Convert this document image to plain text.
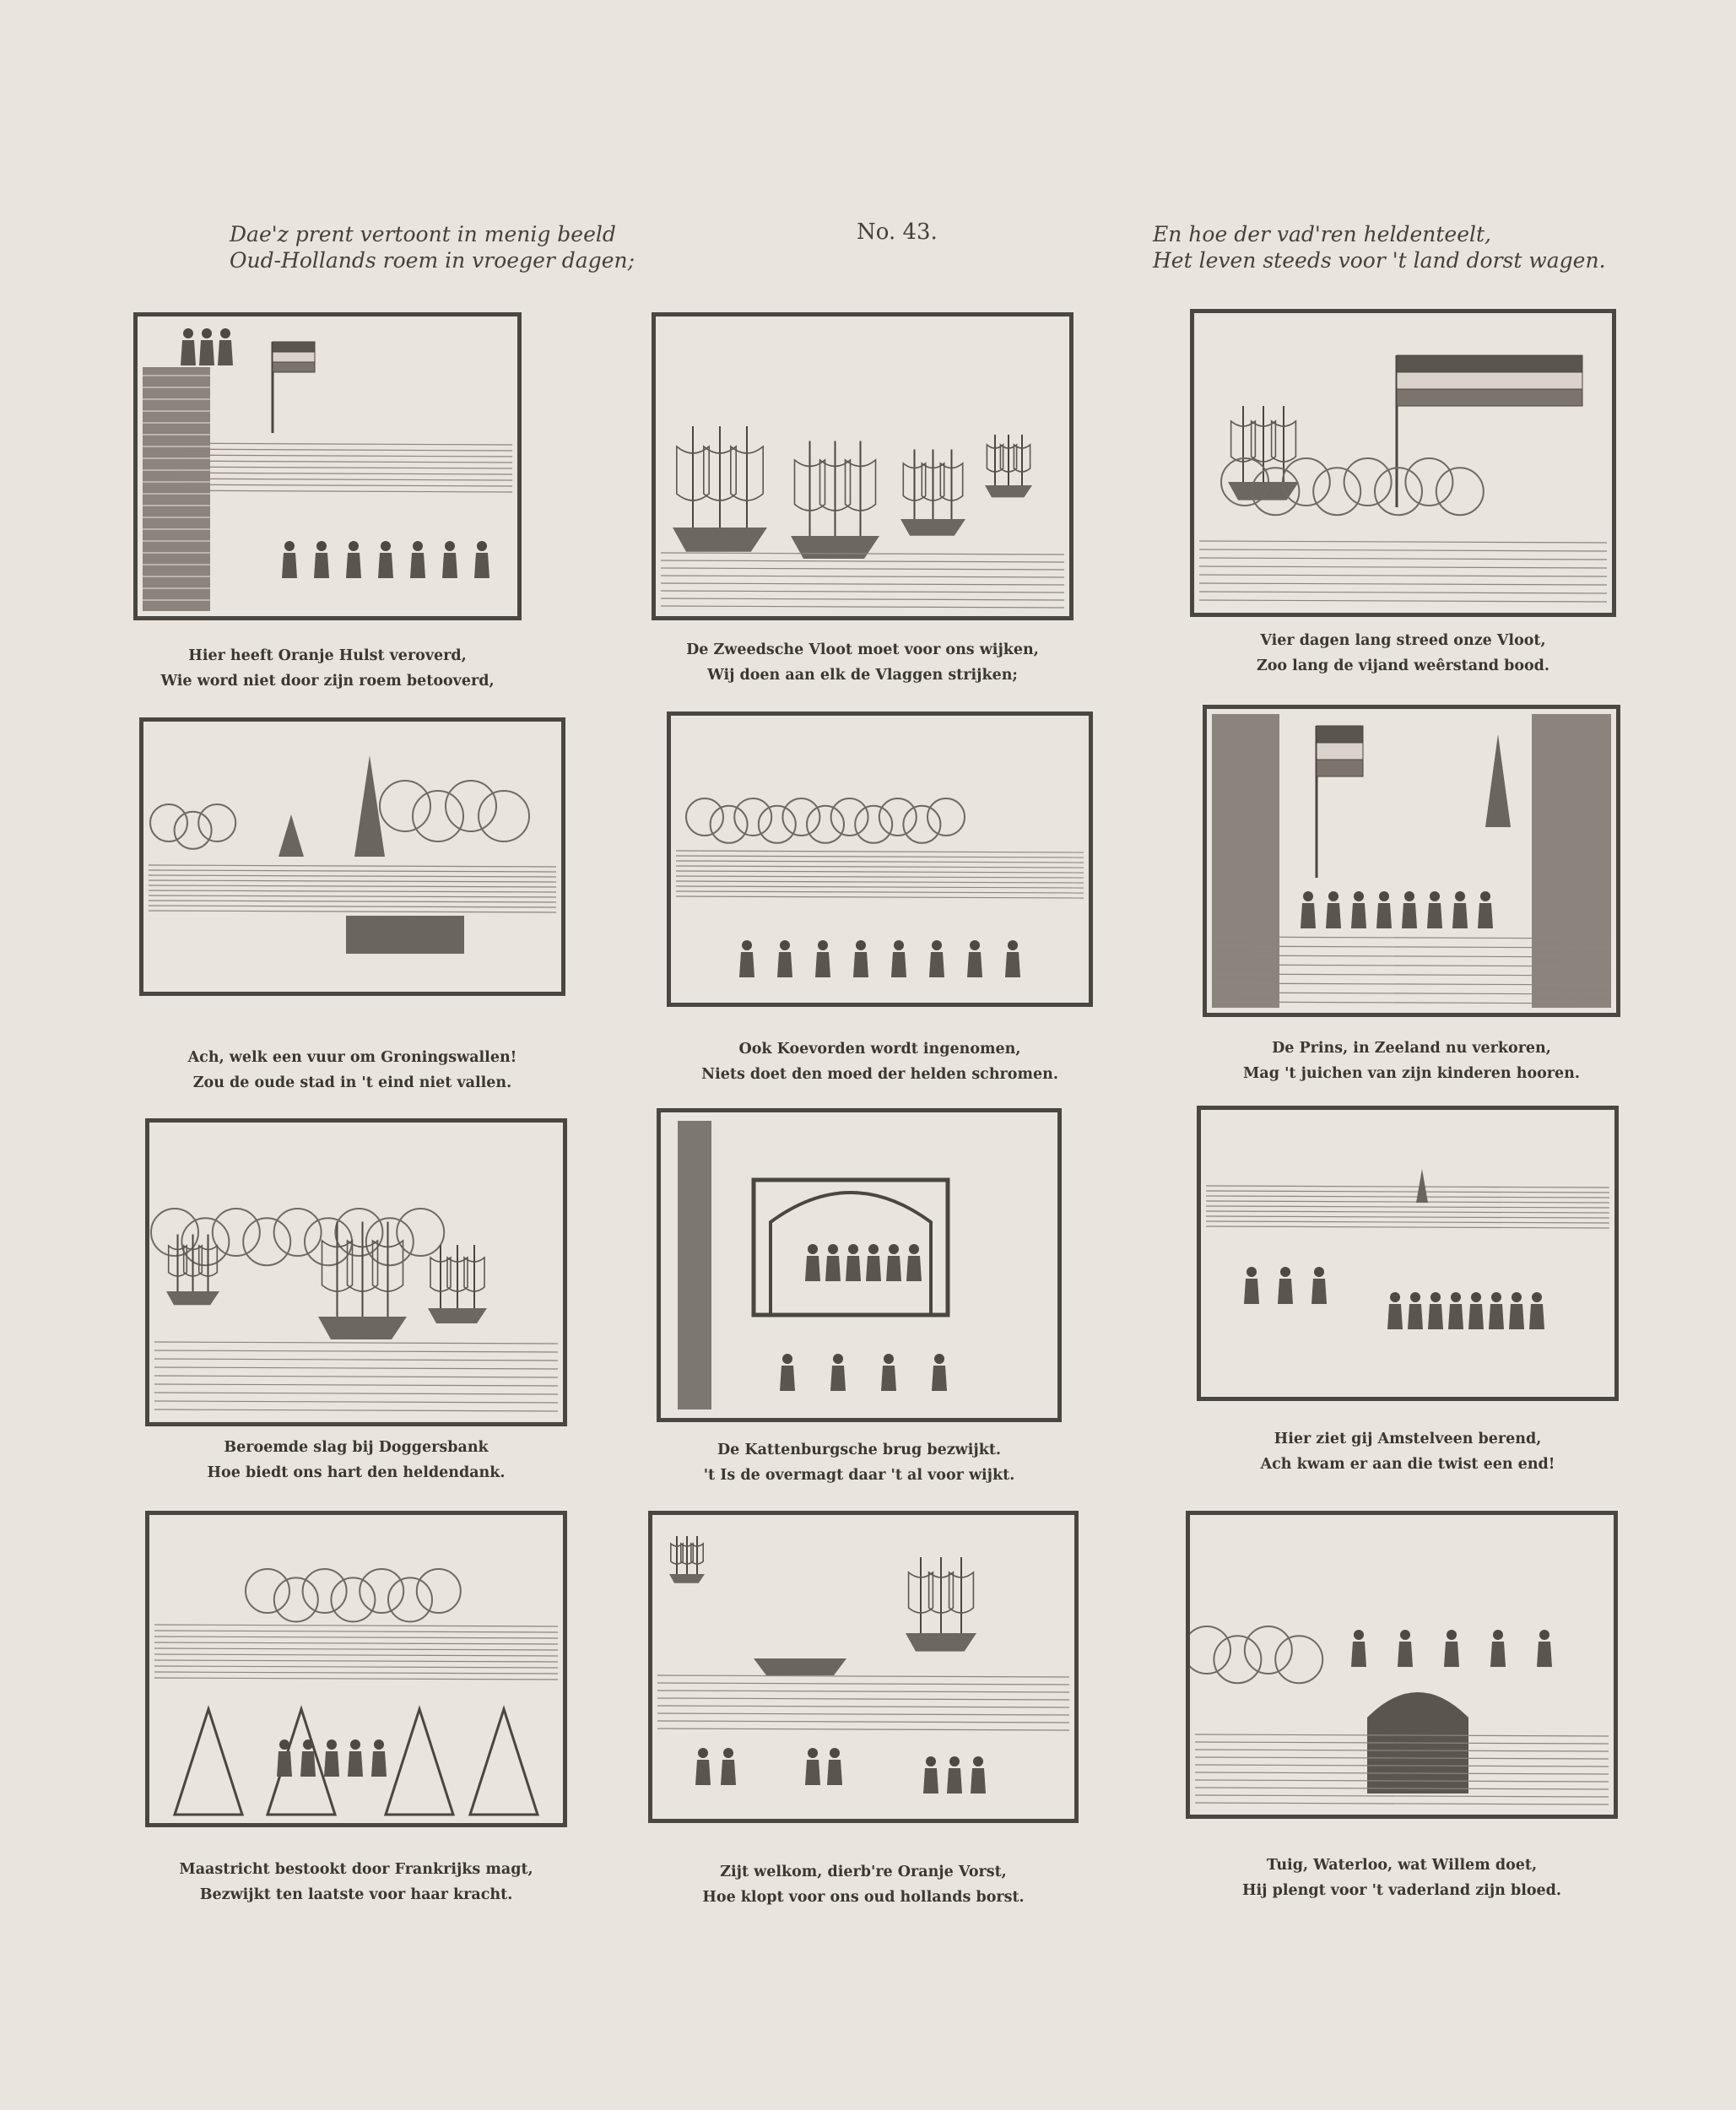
Dae'z prent vertoont in menig beeld
Oud-Hollands roem in vroeger dagen;
No. 43.	En hoe der vad'ren heldenteelt,
Het leven steeds voor 't land dorst wagen.
Hier heeft Oranje Hulst veroverd,
Wie word niet door zijn roem betooverd,
De Zweedsche Vloot moet voor ons wijken,
Wij doen aan elk de Vlaggen strijken;
Vier dagen lang streed onze Vloot,
Zoo lang de vijand weêrstand bood.
Ach, welk een vuur om Groningswallen!
Zou de oude stad in 't eind niet vallen.
Ook Koevorden wordt ingenomen,
Niets doet den moed der helden schromen.
De Prins, in Zeeland nu verkoren,
Mag 't juichen van zijn kinderen hooren.
Beroemde slag bij Doggersbank
Hoe biedt ons hart den heldendank.
De Kattenburgsche brug bezwijkt.
't Is de overmagt daar 't al voor wijkt.
Hier ziet gij Amstelveen berend,
Ach kwam er aan die twist een end!
Maastricht bestookt door Frankrijks magt,
Bezwijkt ten laatste voor haar kracht.
Zijt welkom, dierb're Oranje Vorst,
Hoe klopt voor ons oud hollands borst.
Tuig, Waterloo, wat Willem doet,
Hij plengt voor 't vaderland zijn bloed.
